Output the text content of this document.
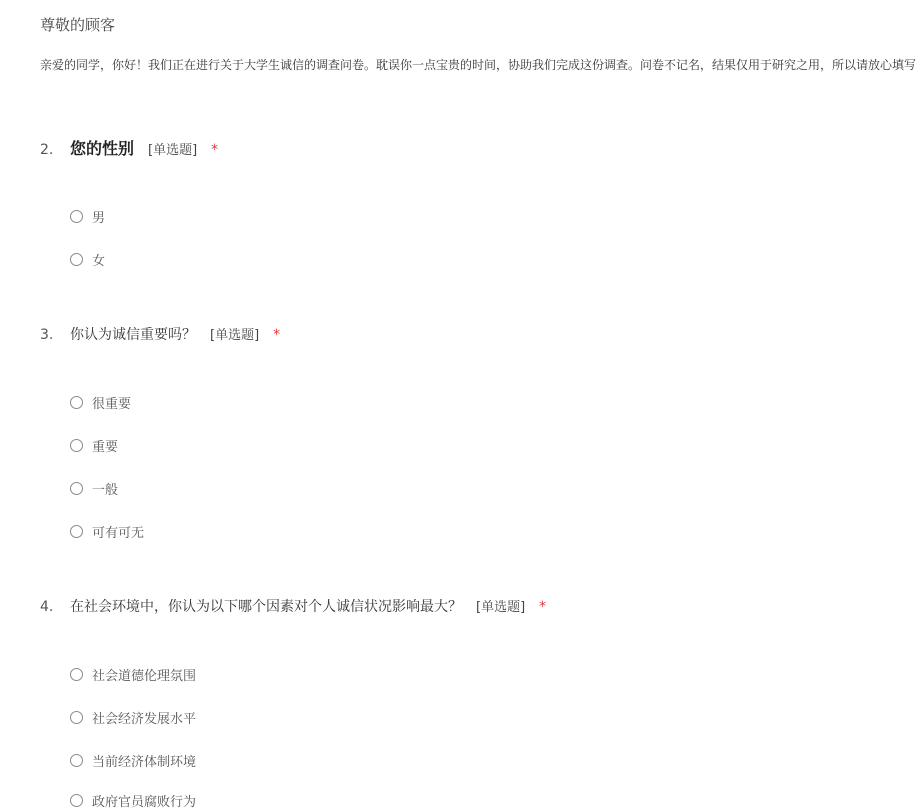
尊敬的顾客
亲爱的同学，你好！我们正在进行关于大学生诚信的调查问卷。耽误你一点宝贵的时间，协助我们完成这份调查。问卷不记名，结果仅用于研究之用，所以请放心填写
2.	您的性别 [单选题] *
男
女
3.	你认为诚信重要吗？ [单选题] *
很重要
重要
一般
可有可无
4.	在社会环境中，你认为以下哪个因素对个人诚信状况影响最大？ [单选题] *
社会道德伦理氛围
社会经济发展水平
当前经济体制环境
政府官员腐败行为
